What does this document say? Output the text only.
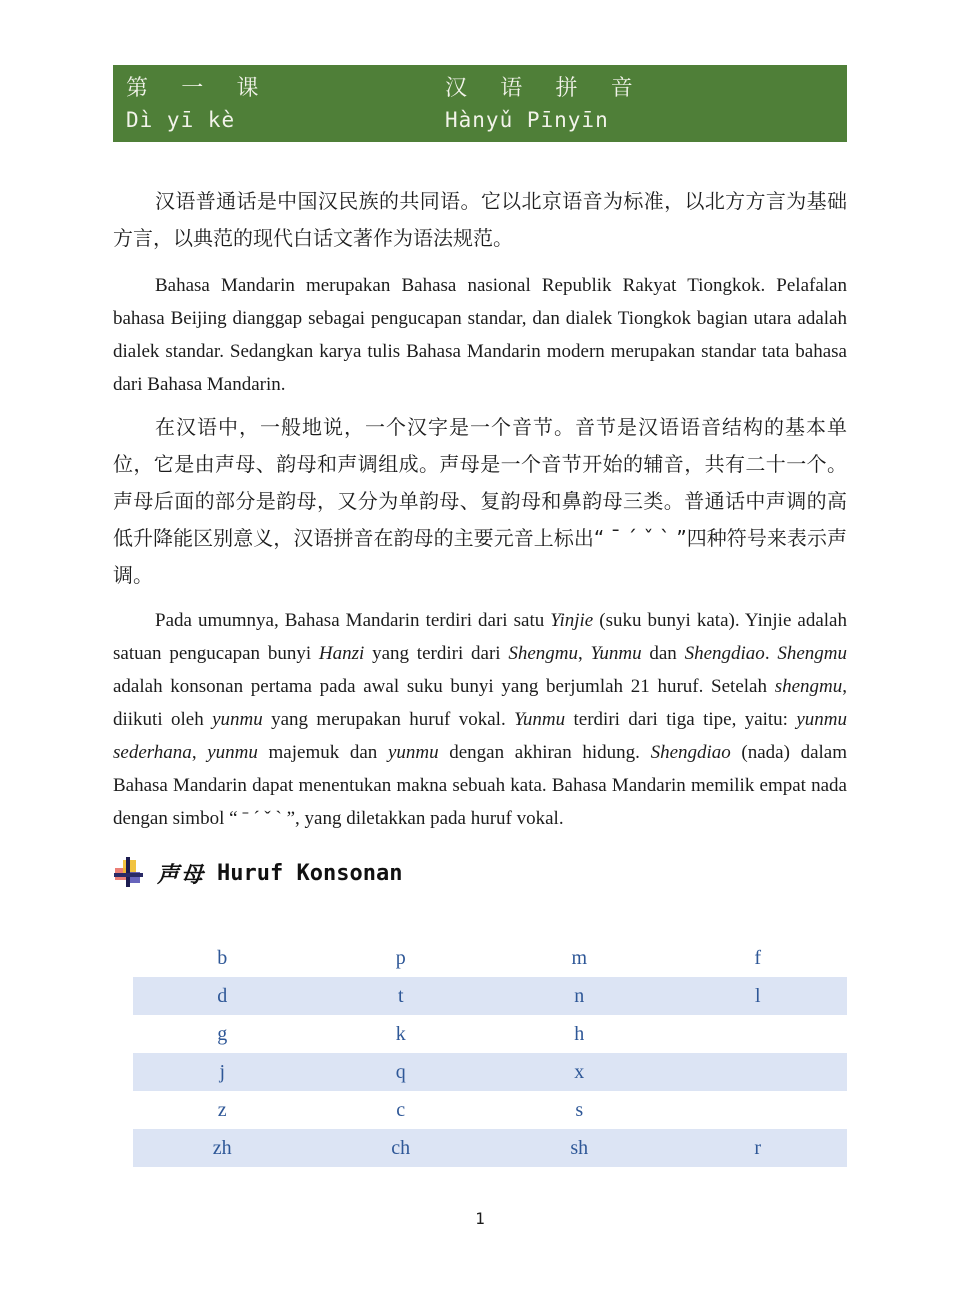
第 一 课
Dì yī kè
汉 语 拼 音
Hànyǔ Pīnyīn

汉语普通话是中国汉民族的共同语。它以北京语音为标准，以北方方言为基础方言，以典范的现代白话文著作为语法规范。

Bahasa Mandarin merupakan Bahasa nasional Republik Rakyat Tiongkok. Pelafalan bahasa Beijing dianggap sebagai pengucapan standar, dan dialek Tiongkok bagian utara adalah dialek standar. Sedangkan karya tulis Bahasa Mandarin modern merupakan standar tata bahasa dari Bahasa Mandarin.

在汉语中，一般地说，一个汉字是一个音节。音节是汉语语音结构的基本单位，它是由声母、韵母和声调组成。声母是一个音节开始的辅音，共有二十一个。声母后面的部分是韵母，又分为单韵母、复韵母和鼻韵母三类。普通话中声调的高低升降能区别意义，汉语拼音在韵母的主要元音上标出“ ˉ ˊ ˇ ˋ ”四种符号来表示声调。

Pada umumnya, Bahasa Mandarin terdiri dari satu Yinjie (suku bunyi kata). Yinjie adalah satuan pengucapan bunyi Hanzi yang terdiri dari Shengmu, Yunmu dan Shengdiao. Shengmu adalah konsonan pertama pada awal suku bunyi yang berjumlah 21 huruf. Setelah shengmu, diikuti oleh yunmu yang merupakan huruf vokal. Yunmu terdiri dari tiga tipe, yaitu: yunmu sederhana, yunmu majemuk dan yunmu dengan akhiran hidung. Shengdiao (nada) dalam Bahasa Mandarin dapat menentukan makna sebuah kata. Bahasa Mandarin memilik empat nada dengan simbol “ ˉ ˊ ˇ ˋ ”, yang diletakkan pada huruf vokal.

声母 Huruf Konsonan
b	p	m	f
d	t	n	l
g	k	h	
j	q	x	
z	c	s	
zh	ch	sh	r
1
